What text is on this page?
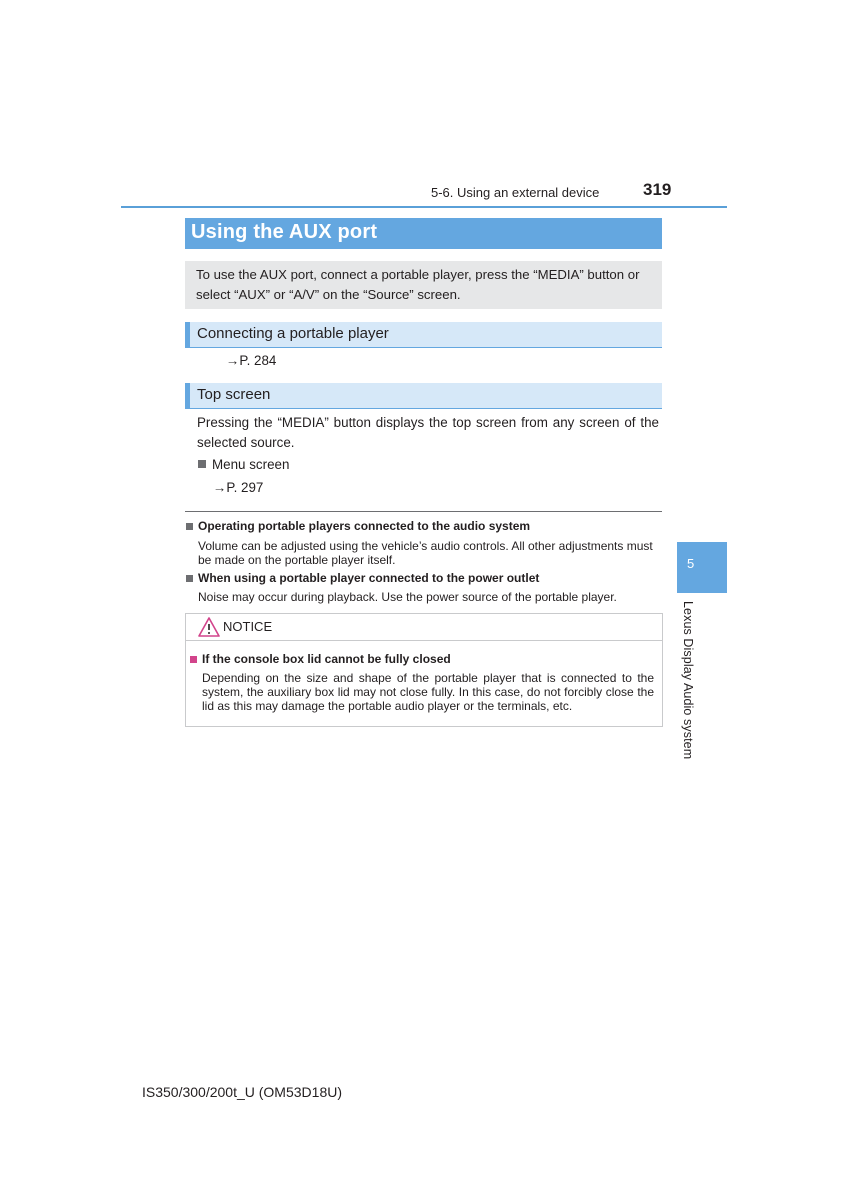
5-6. Using an external device	319
Using the AUX port
To use the AUX port, connect a portable player, press the “MEDIA” button or select “AUX” or “A/V” on the “Source” screen.
Connecting a portable player
→P. 284
Top screen
Pressing the “MEDIA” button displays the top screen from any screen of the selected source.
Menu screen
→P. 297
Operating portable players connected to the audio system
Volume can be adjusted using the vehicle’s audio controls. All other adjustments must be made on the portable player itself.
When using a portable player connected to the power outlet
Noise may occur during playback. Use the power source of the portable player.
NOTICE
If the console box lid cannot be fully closed
Depending on the size and shape of the portable player that is connected to the system, the auxiliary box lid may not close fully. In this case, do not forcibly close the lid as this may damage the portable audio player or the terminals, etc.
5
Lexus Display Audio system
IS350/300/200t_U (OM53D18U)
